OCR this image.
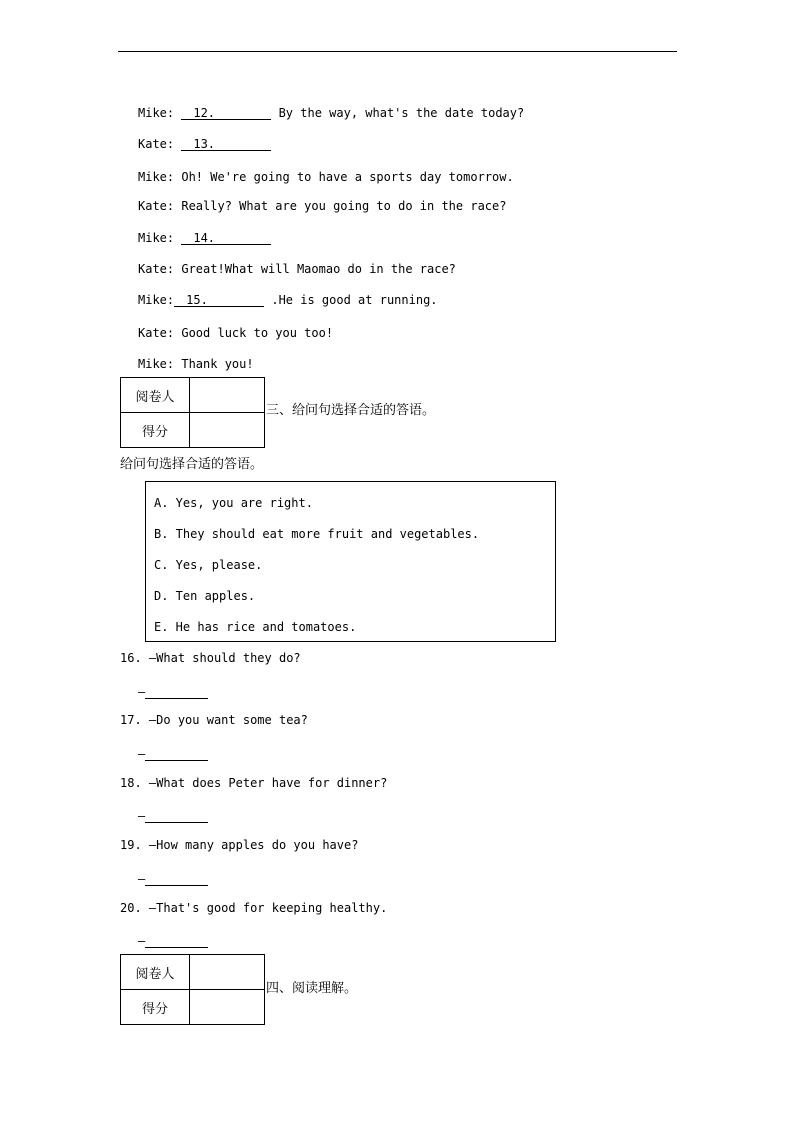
Mike: 12.	By the way, what's the date today?
Kate: 13.
Mike: Oh! We're going to have a sports day tomorrow.
Kate: Really? What are you going to do in the race?
Mike: 14.
Kate: Great!What will Maomao do in the race?
Mike: 15.	.He is good at running.
Kate: Good luck to you too!
Mike: Thank you!
阅卷人	
得分	
三、给问句选择合适的答语。
给问句选择合适的答语。
A. Yes, you are right.
B. They should eat more fruit and vegetables.
C. Yes, please.
D. Ten apples.
E. He has rice and tomatoes.
16. —What should they do?
—
17. —Do you want some tea?
—
18. —What does Peter have for dinner?
—
19. —How many apples do you have?
—
20. —That's good for keeping healthy.
—
阅卷人	
得分	
四、阅读理解。
